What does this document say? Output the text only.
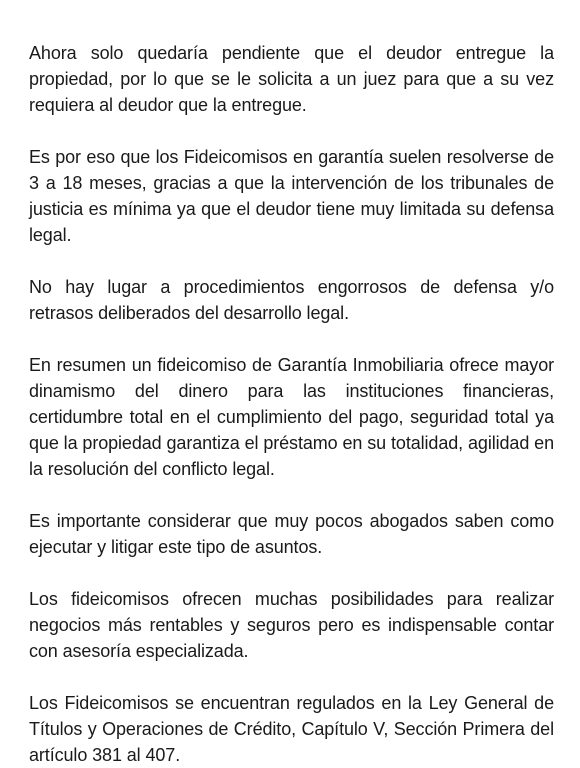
Ahora solo quedaría pendiente que el deudor entregue la propiedad, por lo que se le solicita a un juez para que a su vez requiera al deudor que la entregue.

Es por eso que los Fideicomisos en garantía suelen resolverse de 3 a 18 meses, gracias a que la intervención de los tribunales de justicia es mínima ya que el deudor tiene muy limitada su defensa legal.

No hay lugar a procedimientos engorrosos de defensa y/o retrasos deliberados del desarrollo legal.

En resumen un fideicomiso de Garantía Inmobiliaria ofrece mayor dinamismo del dinero para las instituciones financieras, certidumbre total en el cumplimiento del pago, seguridad total ya que la propiedad garantiza el préstamo en su totalidad, agilidad en la resolución del conflicto legal.

Es importante considerar que muy pocos abogados saben como ejecutar y litigar este tipo de asuntos.

Los fideicomisos ofrecen muchas posibilidades para realizar negocios más rentables y seguros pero es indispensable contar con asesoría especializada.

Los Fideicomisos se encuentran regulados en la Ley General de Títulos y Operaciones de Crédito, Capítulo V, Sección Primera del artículo 381 al 407.
